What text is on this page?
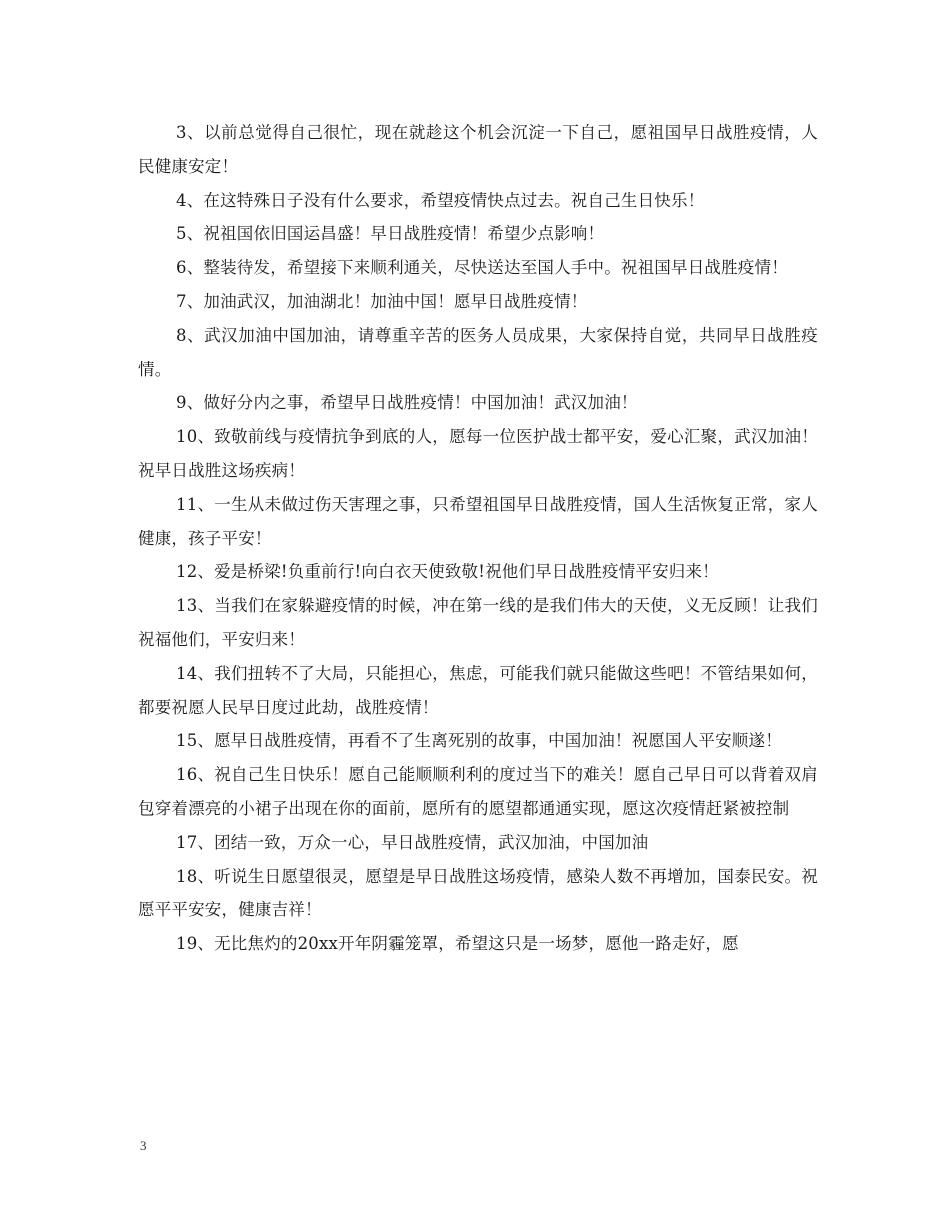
3、以前总觉得自己很忙，现在就趁这个机会沉淀一下自己，愿祖国早日战胜疫情，人民健康安定！

4、在这特殊日子没有什么要求，希望疫情快点过去。祝自己生日快乐！

5、祝祖国依旧国运昌盛！早日战胜疫情！希望少点影响！

6、整装待发，希望接下来顺利通关，尽快送达至国人手中。祝祖国早日战胜疫情！

7、加油武汉，加油湖北！加油中国！愿早日战胜疫情！

8、武汉加油中国加油，请尊重辛苦的医务人员成果，大家保持自觉，共同早日战胜疫情。

9、做好分内之事，希望早日战胜疫情！中国加油！武汉加油！

10、致敬前线与疫情抗争到底的人，愿每一位医护战士都平安，爱心汇聚，武汉加油！祝早日战胜这场疾病！

11、一生从未做过伤天害理之事，只希望祖国早日战胜疫情，国人生活恢复正常，家人健康，孩子平安！

12、爱是桥梁!负重前行!向白衣天使致敬!祝他们早日战胜疫情平安归来！

13、当我们在家躲避疫情的时候，冲在第一线的是我们伟大的天使，义无反顾！让我们祝福他们，平安归来！

14、我们扭转不了大局，只能担心，焦虑，可能我们就只能做这些吧！不管结果如何，都要祝愿人民早日度过此劫，战胜疫情！

15、愿早日战胜疫情，再看不了生离死别的故事，中国加油！祝愿国人平安顺遂！

16、祝自己生日快乐！愿自己能顺顺利利的度过当下的难关！愿自己早日可以背着双肩包穿着漂亮的小裙子出现在你的面前，愿所有的愿望都通通实现，愿这次疫情赶紧被控制

17、团结一致，万众一心，早日战胜疫情，武汉加油，中国加油

18、听说生日愿望很灵，愿望是早日战胜这场疫情，感染人数不再增加，国泰民安。祝愿平平安安，健康吉祥！

19、无比焦灼的20xx开年阴霾笼罩，希望这只是一场梦，愿他一路走好，愿

3
